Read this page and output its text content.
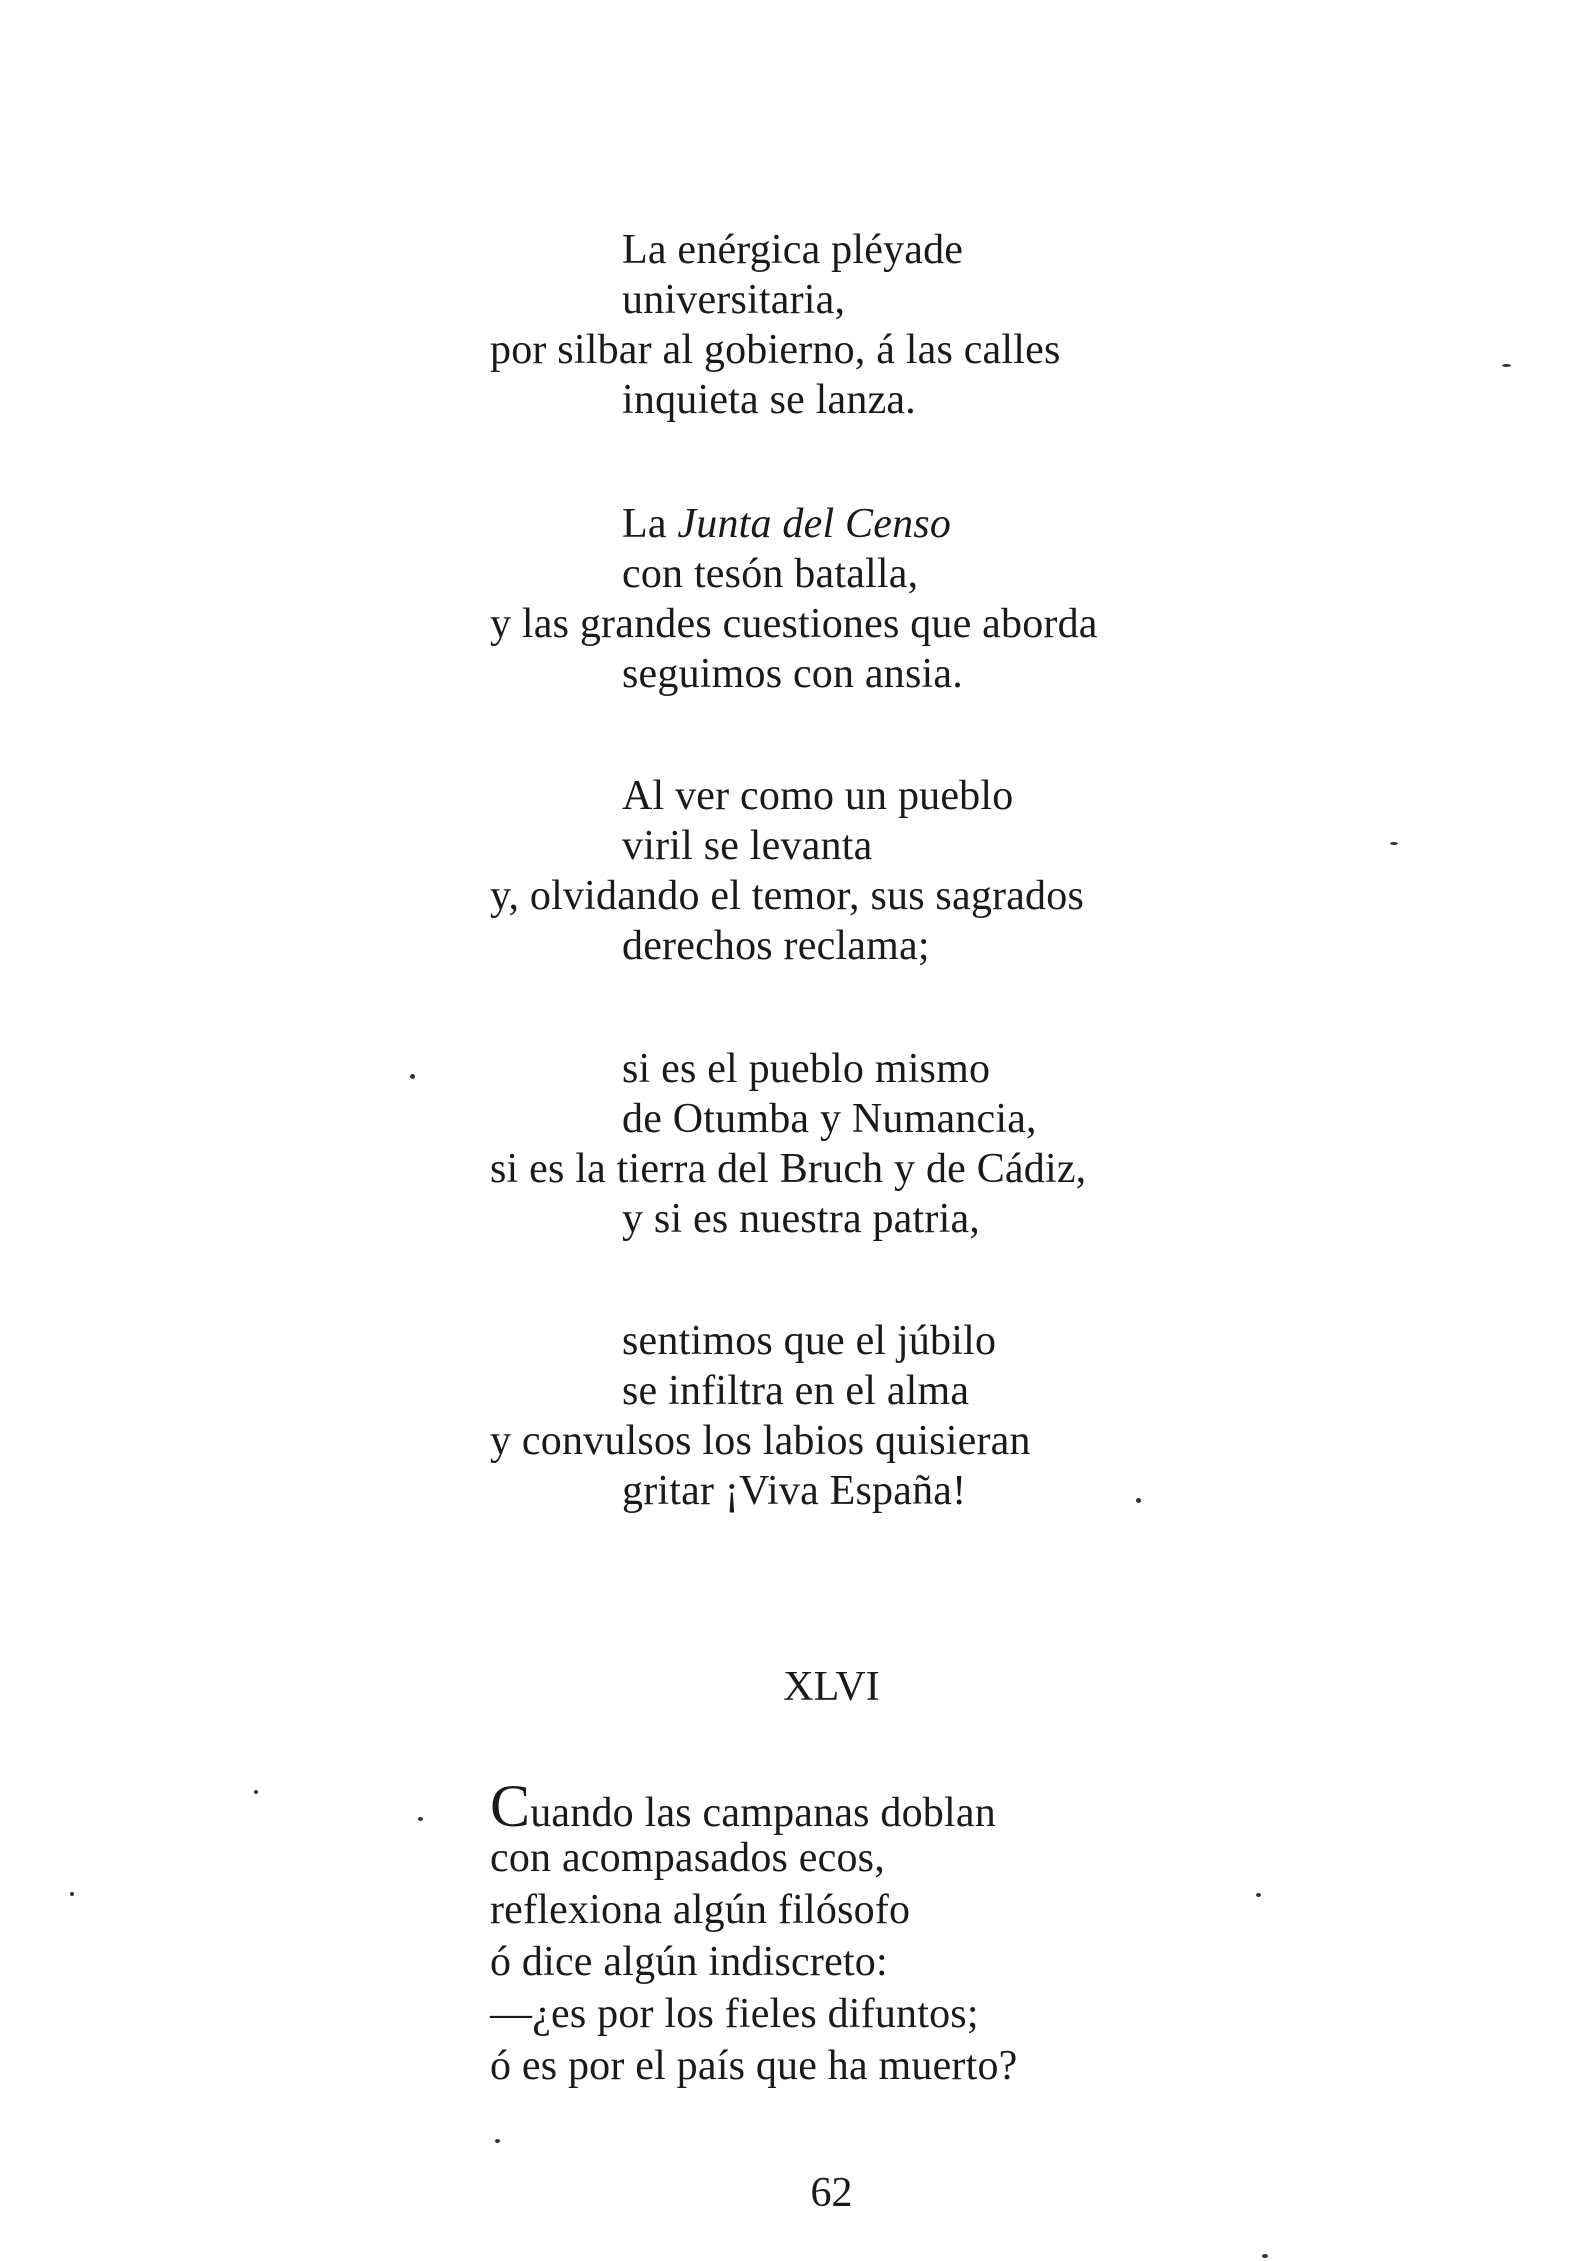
La enérgica pléyade
universitaria,
por silbar al gobierno, á las calles
inquieta se lanza.
La Junta del Censo
con tesón batalla,
y las grandes cuestiones que aborda
seguimos con ansia.
Al ver como un pueblo
viril se levanta
y, olvidando el temor, sus sagrados
derechos reclama;
si es el pueblo mismo
de Otumba y Numancia,
si es la tierra del Bruch y de Cádiz,
y si es nuestra patria,
sentimos que el júbilo
se infiltra en el alma
y convulsos los labios quisieran
gritar ¡Viva España!
XLVI
Cuando las campanas doblan
con acompasados ecos,
reflexiona algún filósofo
ó dice algún indiscreto:
—¿es por los fieles difuntos;
ó es por el país que ha muerto?
62
